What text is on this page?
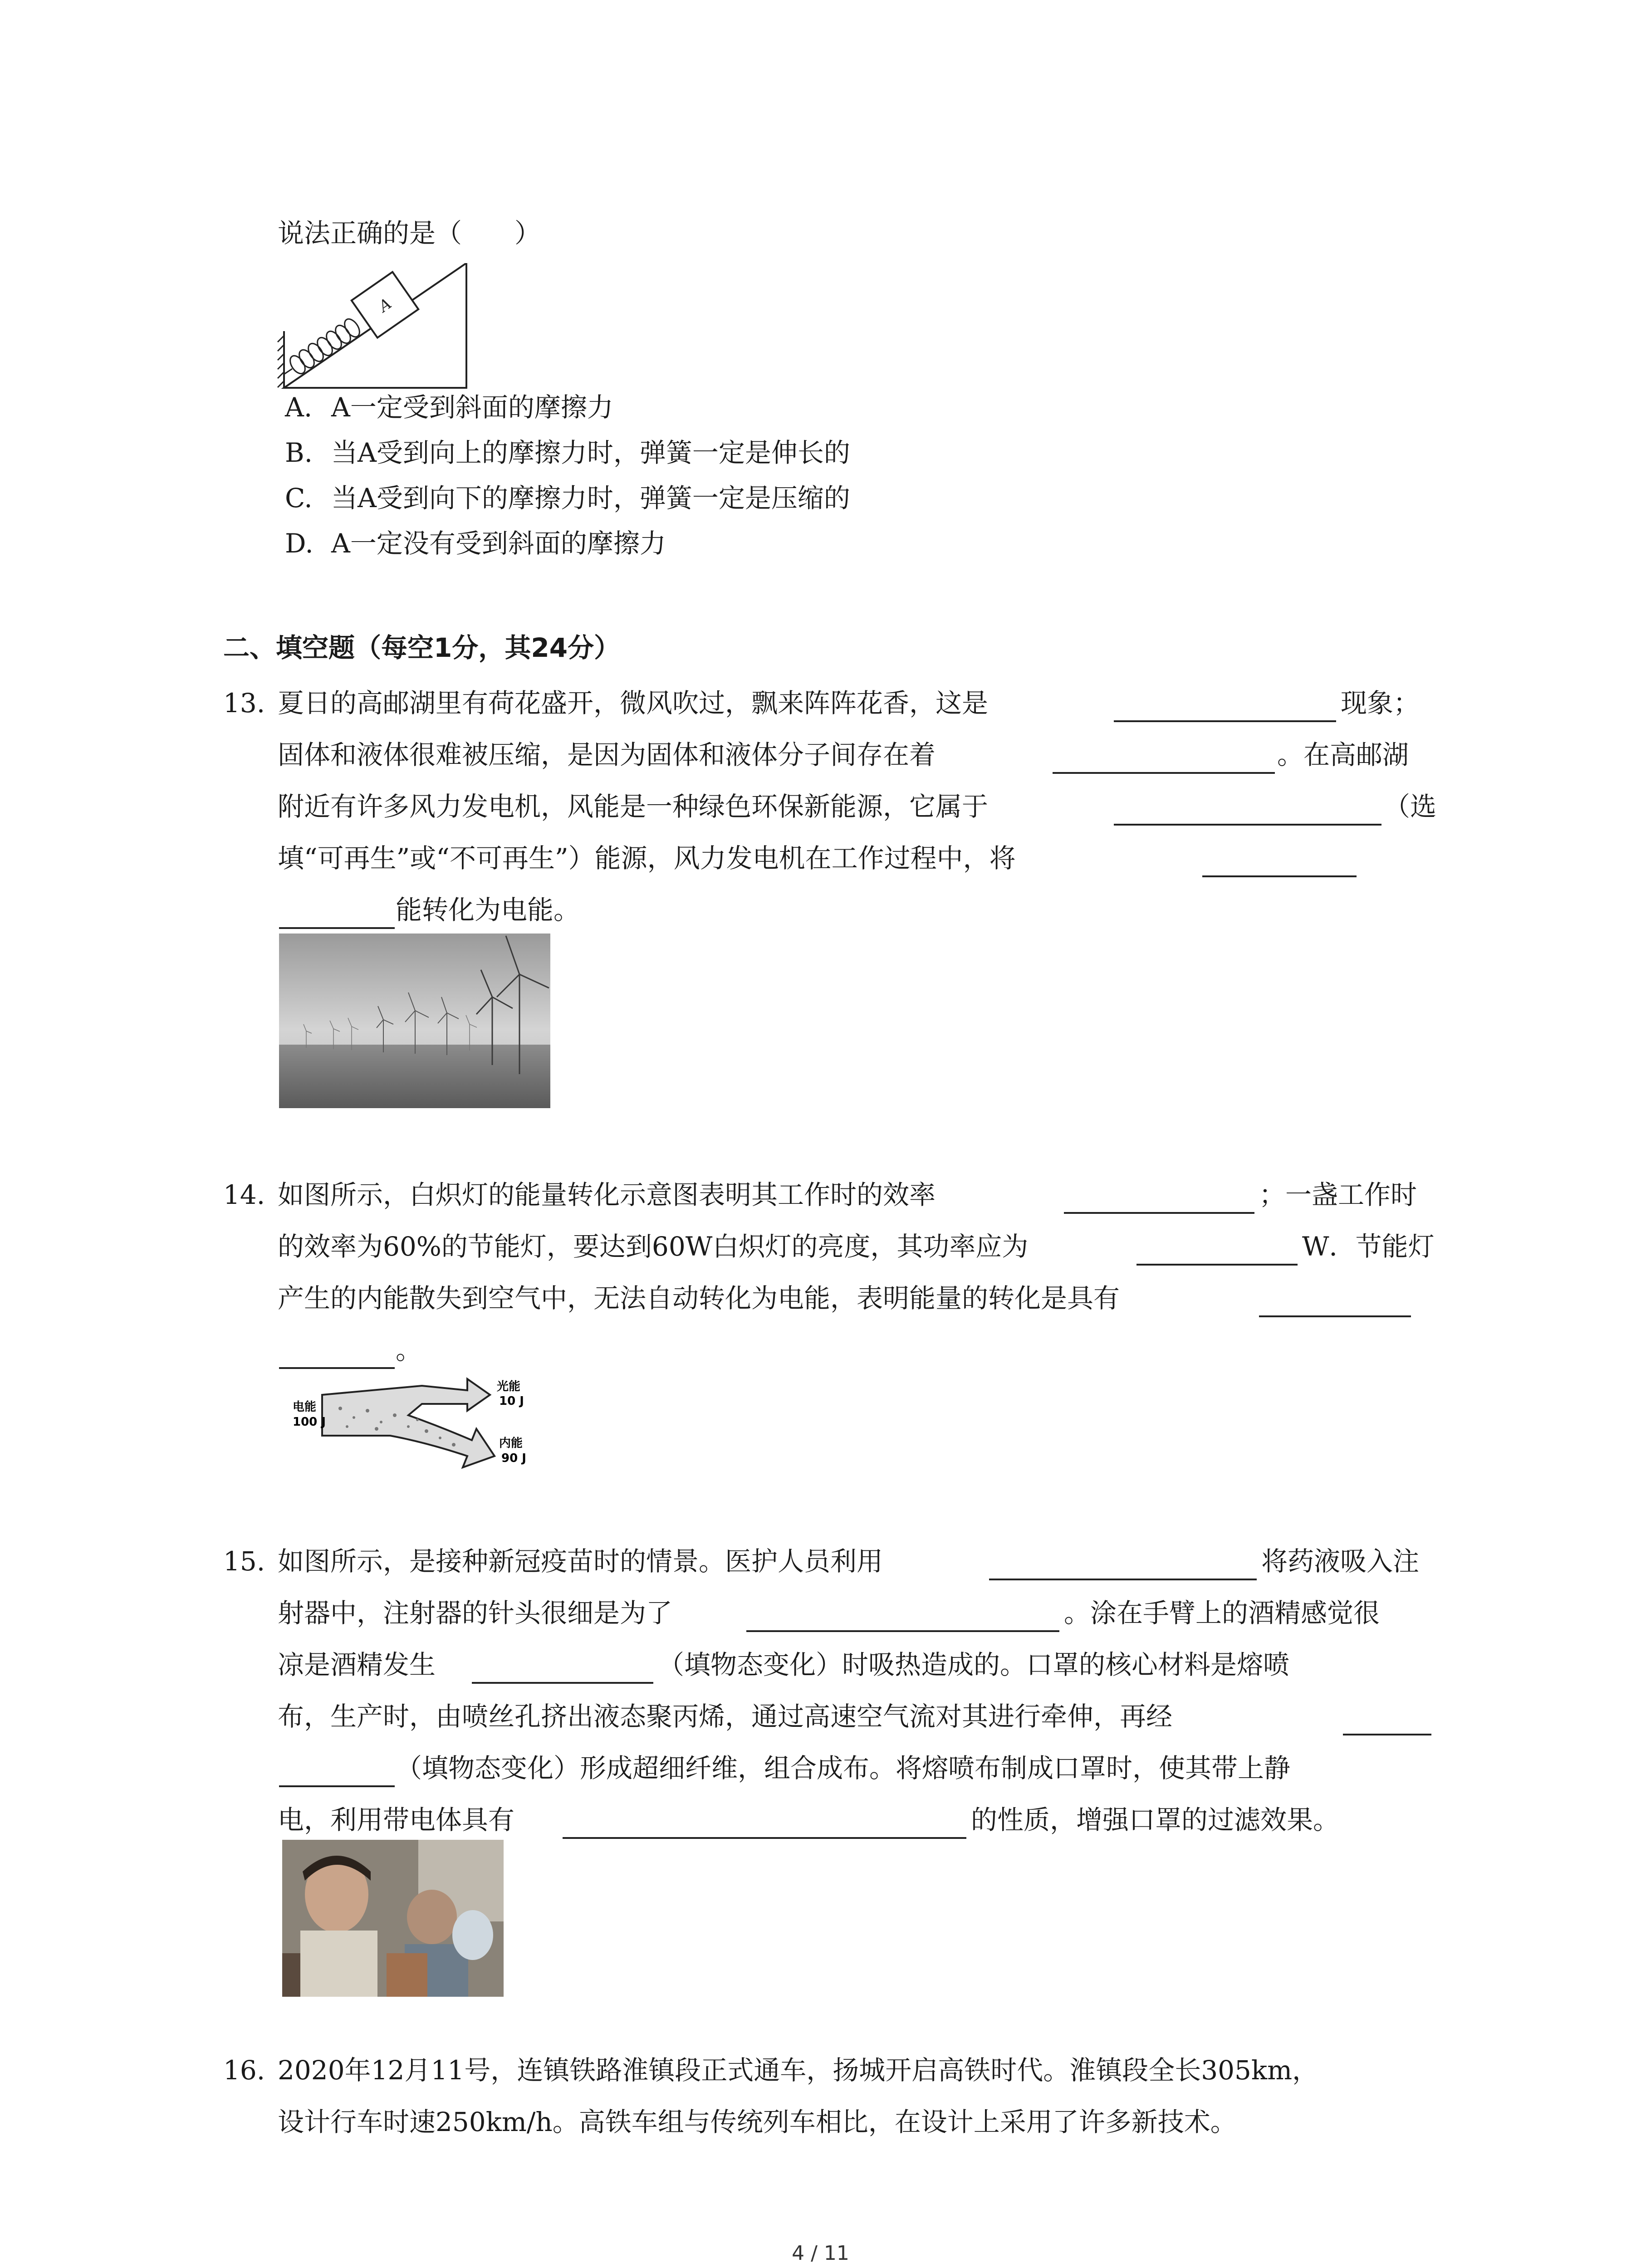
说法正确的是（　　）
A
A. A一定受到斜面的摩擦力
B. 当A受到向上的摩擦力时，弹簧一定是伸长的
C. 当A受到向下的摩擦力时，弹簧一定是压缩的
D. A一定没有受到斜面的摩擦力
二、填空题（每空1分，其24分）
13. 夏日的高邮湖里有荷花盛开，微风吹过，飘来阵阵花香，这是	现象；
固体和液体很难被压缩，是因为固体和液体分子间存在着	。在高邮湖
附近有许多风力发电机，风能是一种绿色环保新能源，它属于	（选
填“可再生”或“不可再生”）能源，风力发电机在工作过程中，将
能转化为电能。
14. 如图所示，白炽灯的能量转化示意图表明其工作时的效率	；一盏工作时
的效率为60%的节能灯，要达到60W白炽灯的亮度，其功率应为	W．节能灯
产生的内能散失到空气中，无法自动转化为电能，表明能量的转化是具有
。
电能
100 J
光能
10 J
内能
90 J
15. 如图所示，是接种新冠疫苗时的情景。医护人员利用	将药液吸入注
射器中，注射器的针头很细是为了	。涂在手臂上的酒精感觉很
凉是酒精发生	（填物态变化）时吸热造成的。口罩的核心材料是熔喷
布，生产时，由喷丝孔挤出液态聚丙烯，通过高速空气流对其进行牵伸，再经
（填物态变化）形成超细纤维，组合成布。将熔喷布制成口罩时，使其带上静
电，利用带电体具有	的性质，增强口罩的过滤效果。
16. 2020年12月11号，连镇铁路淮镇段正式通车，扬城开启高铁时代。淮镇段全长305km，
设计行车时速250km/h。高铁车组与传统列车相比，在设计上采用了许多新技术。
4 / 11
